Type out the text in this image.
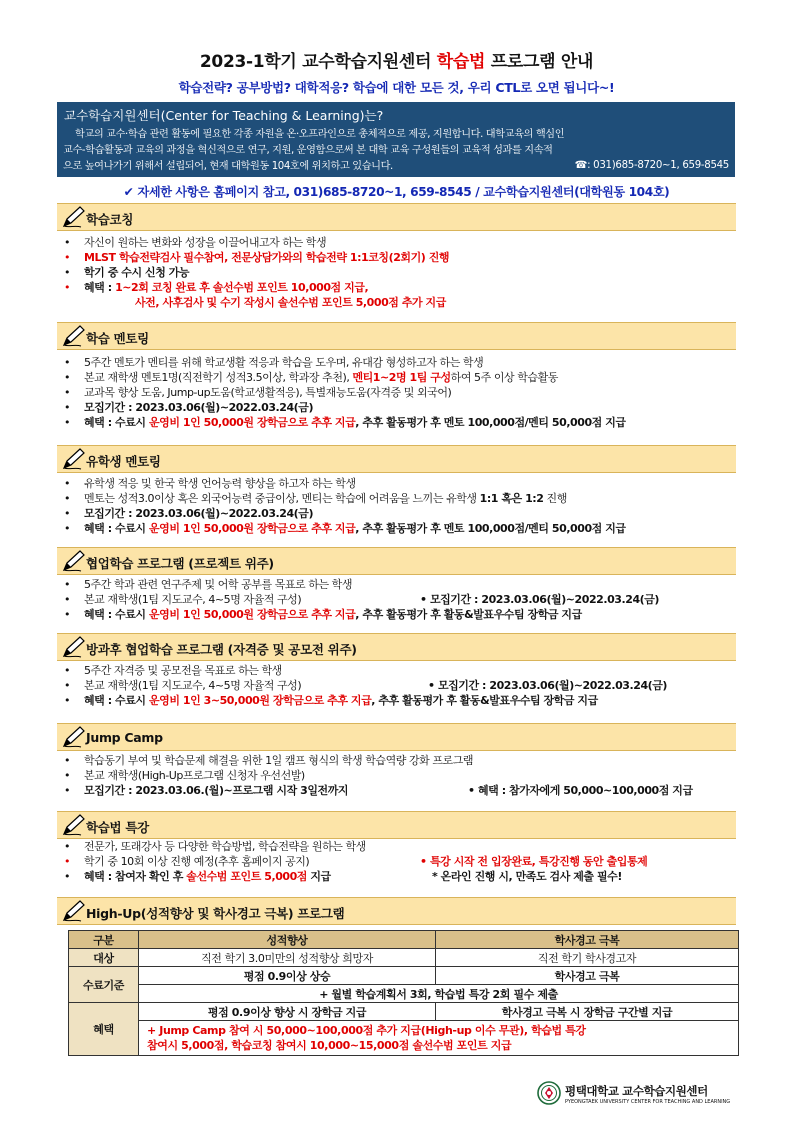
2023-1학기 교수학습지원센터 학습법 프로그램 안내
학습전략? 공부방법? 대학적응? 학습에 대한 모든 것, 우리 CTL로 오면 됩니다~!
교수학습지원센터(Center for Teaching & Learning)는?
학교의 교수·학습 관련 활동에 필요한 각종 자원을 온·오프라인으로 총체적으로 제공, 지원합니다. 대학교육의 핵심인
교수-학습활동과 교육의 과정을 혁신적으로 연구, 지원, 운영함으로써 본 대학 교육 구성원들의 교육적 성과를 지속적
으로 높여나가기 위해서 설립되어, 현재 대학원동 104호에 위치하고 있습니다.	☎: 031)685-8720~1, 659-8545
✔ 자세한 사항은 홈페이지 참고, 031)685-8720~1, 659-8545 / 교수학습지원센터(대학원동 104호)
학습코칭
• 자신이 원하는 변화와 성장을 이끌어내고자 하는 학생
• MLST 학습전략검사 필수참여, 전문상담가와의 학습전략 1:1코칭(2회기) 진행
• 학기 중 수시 신청 가능
• 혜택 : 1~2회 코칭 완료 후 솔선수범 포인트 10,000점 지급,
사전, 사후검사 및 수기 작성시 솔선수범 포인트 5,000점 추가 지급
학습 멘토링
• 5주간 멘토가 멘티를 위해 학교생활 적응과 학습을 도우며, 유대감 형성하고자 하는 학생
• 본교 재학생 멘토1명(직전학기 성적3.5이상, 학과장 추천), 멘티1~2명 1팀 구성하여 5주 이상 학습활동
• 교과목 향상 도움, Jump-up도움(학교생활적응), 특별재능도움(자격증 및 외국어)
• 모집기간 : 2023.03.06(월)~2022.03.24(금)
• 혜택 : 수료시 운영비 1인 50,000원 장학금으로 추후 지급, 추후 활동평가 후 멘토 100,000점/멘티 50,000점 지급
유학생 멘토링
• 유학생 적응 및 한국 학생 언어능력 향상을 하고자 하는 학생
• 멘토는 성적3.0이상 혹은 외국어능력 중급이상, 멘티는 학습에 어려움을 느끼는 유학생 1:1 혹은 1:2 진행
• 모집기간 : 2023.03.06(월)~2022.03.24(금)
• 혜택 : 수료시 운영비 1인 50,000원 장학금으로 추후 지급, 추후 활동평가 후 멘토 100,000점/멘티 50,000점 지급
협업학습 프로그램 (프로젝트 위주)
• 5주간 학과 관련 연구주제 및 어학 공부를 목표로 하는 학생
• 본교 재학생(1팀 지도교수, 4~5명 자율적 구성)	• 모집기간 : 2023.03.06(월)~2022.03.24(금)
• 혜택 : 수료시 운영비 1인 50,000원 장학금으로 추후 지급, 추후 활동평가 후 활동&발표우수팀 장학금 지급
방과후 협업학습 프로그램 (자격증 및 공모전 위주)
• 5주간 자격증 및 공모전을 목표로 하는 학생
• 본교 재학생(1팀 지도교수, 4~5명 자율적 구성)	• 모집기간 : 2023.03.06(월)~2022.03.24(금)
• 혜택 : 수료시 운영비 1인 3~50,000원 장학금으로 추후 지급, 추후 활동평가 후 활동&발표우수팀 장학금 지급
Jump Camp
• 학습동기 부여 및 학습문제 해결을 위한 1일 캠프 형식의 학생 학습역량 강화 프로그램
• 본교 재학생(High-Up프로그램 신청자 우선선발)
• 모집기간 : 2023.03.06.(월)~프로그램 시작 3일전까지	• 혜택 : 참가자에게 50,000~100,000점 지급
학습법 특강
• 전문가, 또래강사 등 다양한 학습방법, 학습전략을 원하는 학생
• 학기 중 10회 이상 진행 예정(추후 홈페이지 공지)	• 특강 시작 전 입장완료, 특강진행 동안 출입통제
• 혜택 : 참여자 확인 후 솔선수범 포인트 5,000점 지급	* 온라인 진행 시, 만족도 검사 제출 필수!
High-Up(성적향상 및 학사경고 극복) 프로그램
구분	성적향상	학사경고 극복
대상	직전 학기 3.0미만의 성적향상 희망자	직전 학기 학사경고자
수료기준	평점 0.9이상 상승	학사경고 극복
	+ 월별 학습계획서 3회, 학습법 특강 2회 필수 제출	
혜택	평점 0.9이상 향상 시 장학금 지급	학사경고 극복 시 장학금 구간별 지급

	+ Jump Camp 참여 시 50,000~100,000점 추가 지급(High-up 이수 무관), 학습법 특강
참여시 5,000점, 학습코칭 참여시 10,000~15,000점 솔선수범 포인트 지급	
평택대학교 교수학습지원센터
PYEONGTAEK UNIVERSITY CENTER FOR TEACHING AND LEARNING
